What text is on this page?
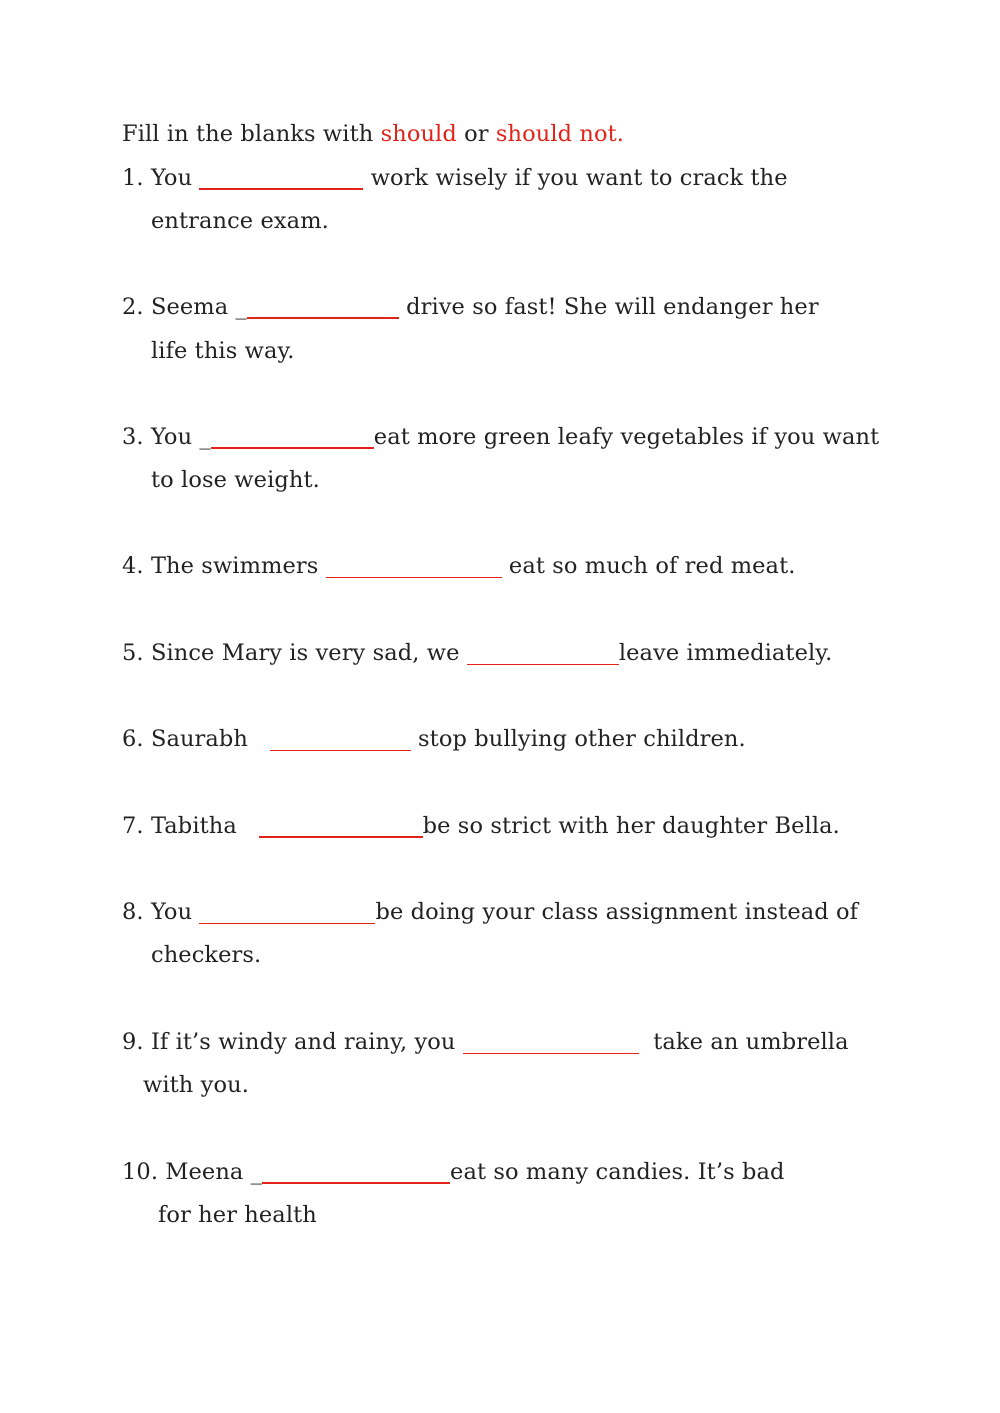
Fill in the blanks with should or should not.
1. You	work wisely if you want to crack the
entrance exam.
2. Seema _	drive so fast! She will endanger her
life this way.
3. You _	eat more green leafy vegetables if you want
to lose weight.
4. The swimmers	eat so much of red meat.
5. Since Mary is very sad, we	leave immediately.
6. Saurabh	stop bullying other children.
7. Tabitha	be so strict with her daughter Bella.
8. You	be doing your class assignment instead of
checkers.
9. If it’s windy and rainy, you	take an umbrella
with you.
10. Meena _	eat so many candies. It’s bad
for her health
